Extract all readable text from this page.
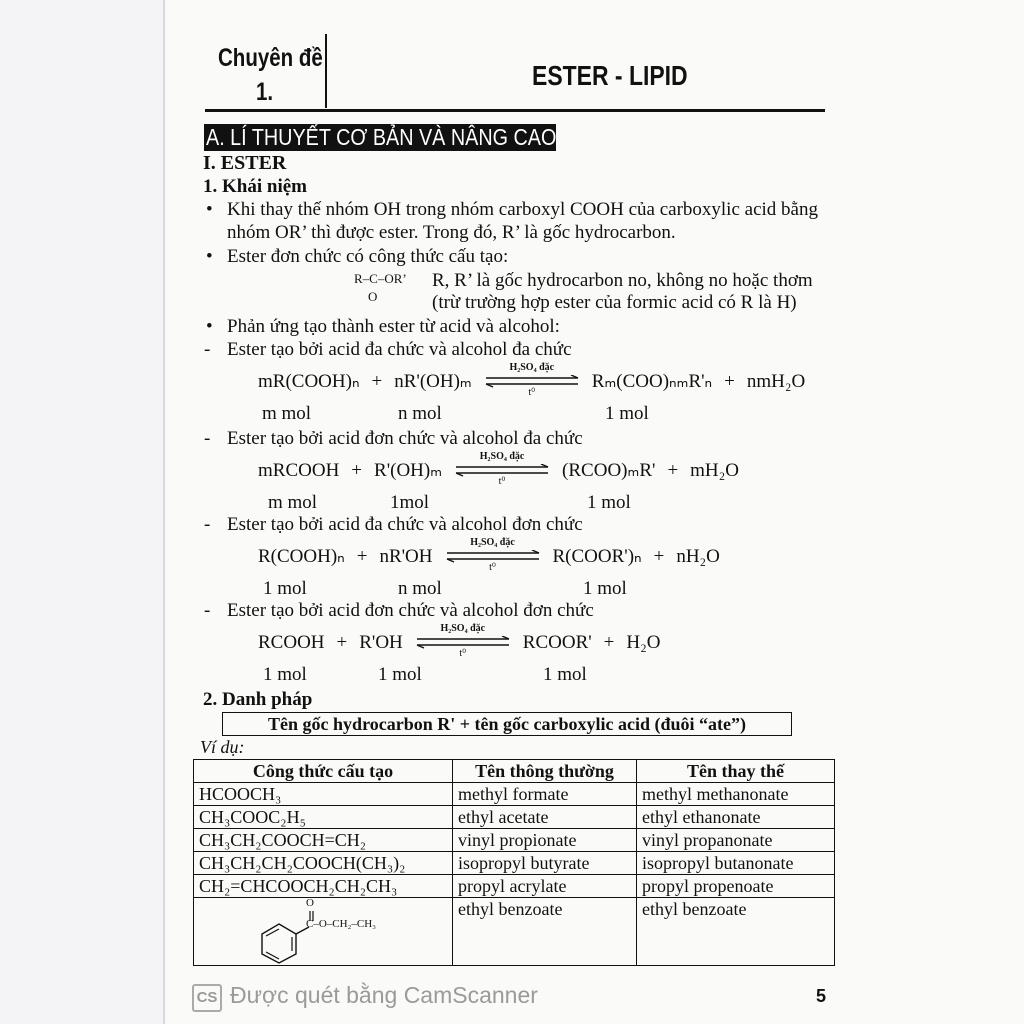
Chuyên đề
1.
ESTER - LIPID
A. LÍ THUYẾT CƠ BẢN VÀ NÂNG CAO
I. ESTER
1. Khái niệm
• Khi thay thế nhóm OH trong nhóm carboxyl COOH của carboxylic acid bằng
nhóm OR’ thì được ester. Trong đó, R’ là gốc hydrocarbon.
• Ester đơn chức có công thức cấu tạo:
R–C–OR’
O
R, R’ là gốc hydrocarbon no, không no hoặc thơm
(trừ trường hợp ester của formic acid có R là H)
• Phản ứng tạo thành ester từ acid và alcohol:
- Ester tạo bởi acid đa chức và alcohol đa chức
mR(COOH)ₙ + nR'(OH)ₘ
H₂SO₄ đặc
t⁰
Rₘ(COO)ₙₘR'ₙ + nmH₂O
m mol	n mol	1 mol
- Ester tạo bởi acid đơn chức và alcohol đa chức
mRCOOH + R'(OH)ₘ
H₂SO₄ đặc
t⁰
(RCOO)ₘR' + mH₂O
m mol	1mol	1 mol
- Ester tạo bởi acid đa chức và alcohol đơn chức
R(COOH)ₙ + nR'OH
H₂SO₄ đặc
t⁰
R(COOR')ₙ + nH₂O
1 mol	n mol	1 mol
- Ester tạo bởi acid đơn chức và alcohol đơn chức
RCOOH + R'OH
H₂SO₄ đặc
t⁰
RCOOR' + H₂O
1 mol	1 mol	1 mol
2. Danh pháp
Tên gốc hydrocarbon R' + tên gốc carboxylic acid (đuôi “ate”)
Ví dụ:
Công thức cấu tạo	Tên thông thường	Tên thay thế
HCOOCH₃	methyl formate	methyl methanonate
CH₃COOC₂H₅	ethyl acetate	ethyl ethanonate
CH₃CH₂COOCH=CH₂	vinyl propionate	vinyl propanonate
CH₃CH₂CH₂COOCH(CH₃)₂	isopropyl butyrate	isopropyl butanonate
CH₂=CHCOOCH₂CH₂CH₃	propyl acrylate	propyl propenoate

O
C–O–CH₂–CH₃	ethyl benzoate	ethyl benzoate
CS Được quét bằng CamScanner	5
